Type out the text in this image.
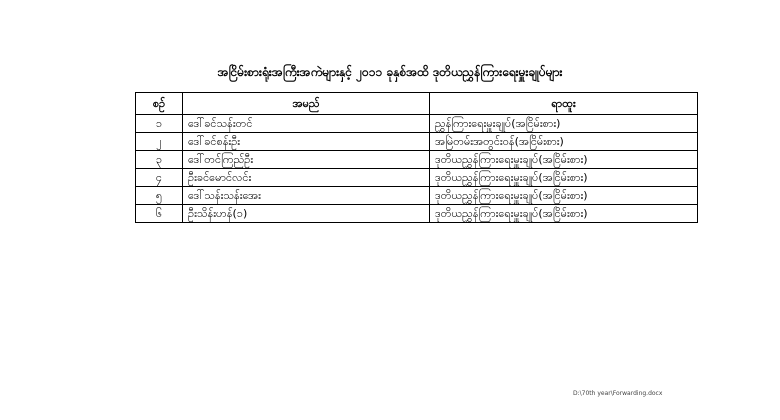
အငြိမ်းစားရုံးအကြီးအကဲများနှင့် ၂၀၁၁ ခုနှစ်အထိ ဒုတိယညွှန်ကြားရေးမှူးချုပ်များ
စဉ်	အမည်	ရာထူး
၁	ဒေါ်ခင်သန်းတင်	ညွှန်ကြားရေးမှူးချုပ်(အငြိမ်းစား)
၂	ဒေါ်ခင်စန်းဦး	အမြဲတမ်းအတွင်းဝန်(အငြိမ်းစား)
၃	ဒေါ်တင်ကြည်ဦး	ဒုတိယညွှန်ကြားရေးမှူးချုပ်(အငြိမ်းစား)
၄	ဦးခင်မောင်လင်း	ဒုတိယညွှန်ကြားရေးမှူးချုပ်(အငြိမ်းစား)
၅	ဒေါ်သန်းသန်းအေး	ဒုတိယညွှန်ကြားရေးမှူးချုပ်(အငြိမ်းစား)
၆	ဦးသိန်းဟန်(၁)	ဒုတိယညွှန်ကြားရေးမှူးချုပ်(အငြိမ်းစား)
D:\70th year\Forwarding.docx
